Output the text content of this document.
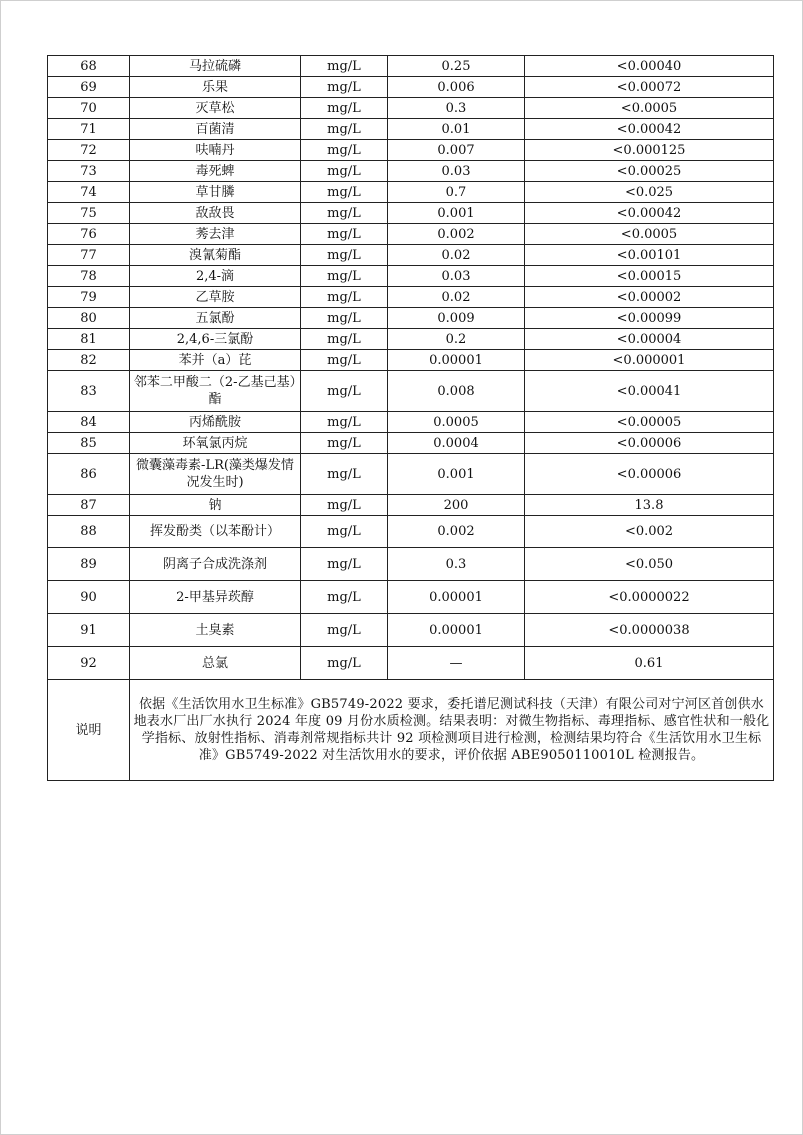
68	马拉硫磷	mg/L	0.25	<0.00040
69	乐果	mg/L	0.006	<0.00072
70	灭草松	mg/L	0.3	<0.0005
71	百菌清	mg/L	0.01	<0.00042
72	呋喃丹	mg/L	0.007	<0.000125
73	毒死蜱	mg/L	0.03	<0.00025
74	草甘膦	mg/L	0.7	<0.025
75	敌敌畏	mg/L	0.001	<0.00042
76	莠去津	mg/L	0.002	<0.0005
77	溴氰菊酯	mg/L	0.02	<0.00101
78	2,4-滴	mg/L	0.03	<0.00015
79	乙草胺	mg/L	0.02	<0.00002
80	五氯酚	mg/L	0.009	<0.00099
81	2,4,6-三氯酚	mg/L	0.2	<0.00004
82	苯并（a）芘	mg/L	0.00001	<0.000001
83	邻苯二甲酸二（2-乙基己基）酯	mg/L	0.008	<0.00041
84	丙烯酰胺	mg/L	0.0005	<0.00005
85	环氧氯丙烷	mg/L	0.0004	<0.00006
86	微囊藻毒素-LR(藻类爆发情况发生时)	mg/L	0.001	<0.00006
87	钠	mg/L	200	13.8
88	挥发酚类（以苯酚计）	mg/L	0.002	<0.002
89	阴离子合成洗涤剂	mg/L	0.3	<0.050
90	2-甲基异莰醇	mg/L	0.00001	<0.0000022
91	土臭素	mg/L	0.00001	<0.0000038
92	总氯	mg/L	—	0.61
说明	依据《生活饮用水卫生标准》GB5749-2022 要求，委托谱尼测试科技（天津）有限公司对宁河区首创供水地表水厂出厂水执行 2024 年度 09 月份水质检测。结果表明：对微生物指标、毒理指标、感官性状和一般化学指标、放射性指标、消毒剂常规指标共计 92 项检测项目进行检测，检测结果均符合《生活饮用水卫生标准》GB5749-2022 对生活饮用水的要求，评价依据 ABE9050110010L 检测报告。			
